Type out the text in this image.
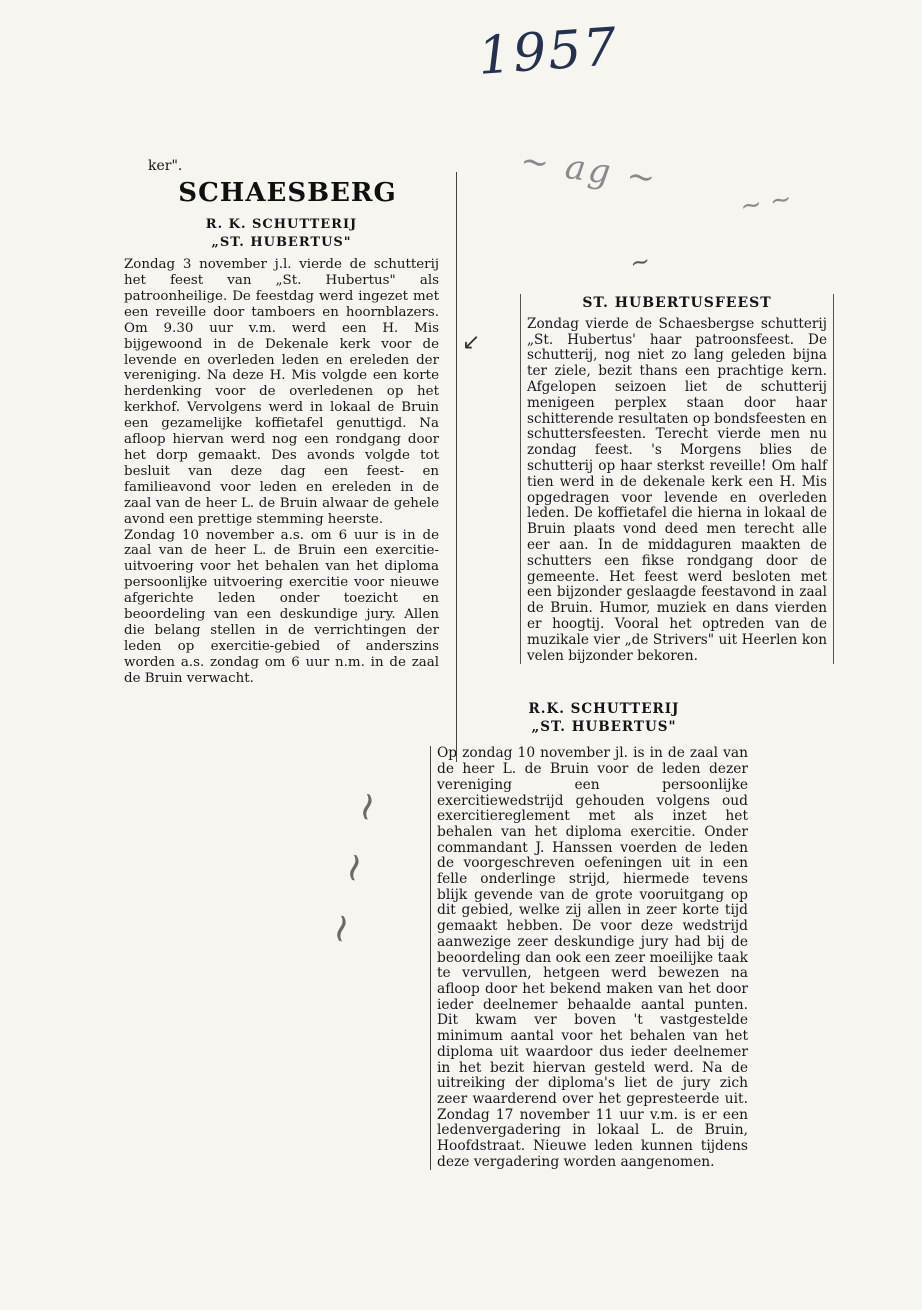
1957
~ ag ~
~ ~
~
↙
~ ~ ~
ker".
SCHAESBERG
R. K. SCHUTTERIJ
„ST. HUBERTUS"

Zondag 3 november j.l. vierde de schutterij het feest van „St. Hubertus" als patroonheilige. De feestdag werd ingezet met een reveille door tamboers en hoornblazers. Om 9.30 uur v.m. werd een H. Mis bijgewoond in de Dekenale kerk voor de levende en overleden leden en ereleden der vereniging. Na deze H. Mis volgde een korte herdenking voor de overledenen op het kerkhof. Vervolgens werd in lokaal de Bruin een gezamelijke koffietafel genuttigd. Na afloop hiervan werd nog een rondgang door het dorp gemaakt. Des avonds volgde tot besluit van deze dag een feest- en familieavond voor leden en ereleden in de zaal van de heer L. de Bruin alwaar de gehele avond een prettige stemming heerste.

Zondag 10 november a.s. om 6 uur is in de zaal van de heer L. de Bruin een exercitie-uitvoering voor het behalen van het diploma persoonlijke uitvoering exercitie voor nieuwe afgerichte leden onder toezicht en beoordeling van een deskundige jury. Allen die belang stellen in de verrichtingen der leden op exercitie-gebied of anderszins worden a.s. zondag om 6 uur n.m. in de zaal de Bruin verwacht.

ST. HUBERTUSFEEST

Zondag vierde de Schaesbergse schutterij „St. Hubertus' haar patroonsfeest. De schutterij, nog niet zo lang geleden bijna ter ziele, bezit thans een prachtige kern. Afgelopen seizoen liet de schutterij menigeen perplex staan door haar schitterende resultaten op bondsfeesten en schuttersfeesten. Terecht vierde men nu zondag feest. 's Morgens blies de schutterij op haar sterkst reveille! Om half tien werd in de dekenale kerk een H. Mis opgedragen voor levende en overleden leden. De koffietafel die hierna in lokaal de Bruin plaats vond deed men terecht alle eer aan. In de middaguren maakten de schutters een fikse rondgang door de gemeente. Het feest werd besloten met een bijzonder geslaagde feestavond in zaal de Bruin. Humor, muziek en dans vierden er hoogtij. Vooral het optreden van de muzikale vier „de Strivers" uit Heerlen kon velen bijzonder bekoren.

R.K. SCHUTTERIJ
„ST. HUBERTUS"

Op zondag 10 november jl. is in de zaal van de heer L. de Bruin voor de leden dezer vereniging een persoonlijke exercitiewedstrijd gehouden volgens oud exercitiereglement met als inzet het behalen van het diploma exercitie. Onder commandant J. Hanssen voerden de leden de voorgeschreven oefeningen uit in een felle onderlinge strijd, hiermede tevens blijk gevende van de grote vooruitgang op dit gebied, welke zij allen in zeer korte tijd gemaakt hebben. De voor deze wedstrijd aanwezige zeer deskundige jury had bij de beoordeling dan ook een zeer moeilijke taak te vervullen, hetgeen werd bewezen na afloop door het bekend maken van het door ieder deelnemer behaalde aantal punten. Dit kwam ver boven 't vastgestelde minimum aantal voor het behalen van het diploma uit waardoor dus ieder deelnemer in het bezit hiervan gesteld werd. Na de uitreiking der diploma's liet de jury zich zeer waarderend over het gepresteerde uit. Zondag 17 november 11 uur v.m. is er een ledenvergadering in lokaal L. de Bruin, Hoofdstraat. Nieuwe leden kunnen tijdens deze vergadering worden aangenomen.
